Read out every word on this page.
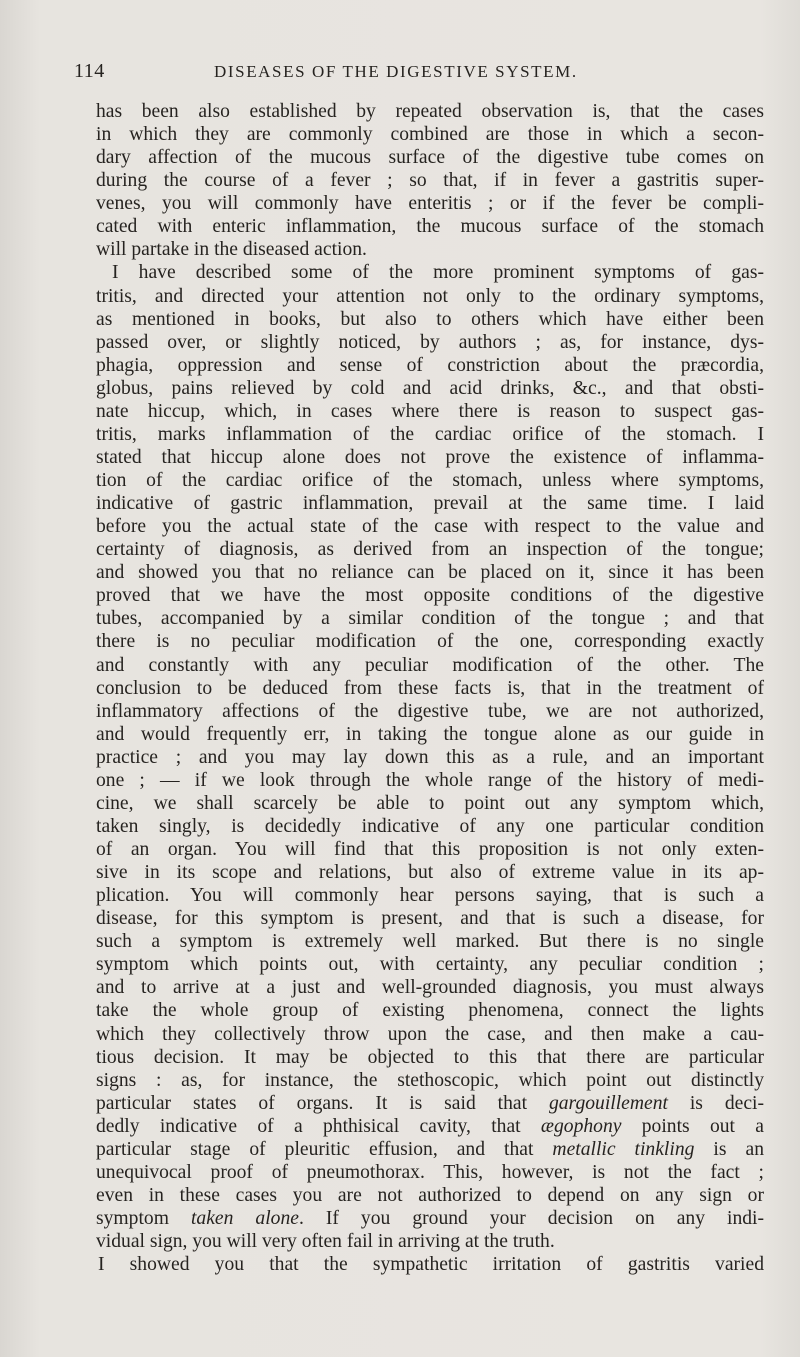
114	DISEASES OF THE DIGESTIVE SYSTEM.
has been also established by repeated observation is, that the cases
in which they are commonly combined are those in which a secon-
dary affection of the mucous surface of the digestive tube comes on
during the course of a fever ; so that, if in fever a gastritis super-
venes, you will commonly have enteritis ; or if the fever be compli-
cated with enteric inflammation, the mucous surface of the stomach
will partake in the diseased action.
I have described some of the more prominent symptoms of gas-
tritis, and directed your attention not only to the ordinary symptoms,
as mentioned in books, but also to others which have either been
passed over, or slightly noticed, by authors ; as, for instance, dys-
phagia, oppression and sense of constriction about the præcordia,
globus, pains relieved by cold and acid drinks, &c., and that obsti-
nate hiccup, which, in cases where there is reason to suspect gas-
tritis, marks inflammation of the cardiac orifice of the stomach. I
stated that hiccup alone does not prove the existence of inflamma-
tion of the cardiac orifice of the stomach, unless where symptoms,
indicative of gastric inflammation, prevail at the same time. I laid
before you the actual state of the case with respect to the value and
certainty of diagnosis, as derived from an inspection of the tongue;
and showed you that no reliance can be placed on it, since it has been
proved that we have the most opposite conditions of the digestive
tubes, accompanied by a similar condition of the tongue ; and that
there is no peculiar modification of the one, corresponding exactly
and constantly with any peculiar modification of the other. The
conclusion to be deduced from these facts is, that in the treatment of
inflammatory affections of the digestive tube, we are not authorized,
and would frequently err, in taking the tongue alone as our guide in
practice ; and you may lay down this as a rule, and an important
one ; — if we look through the whole range of the history of medi-
cine, we shall scarcely be able to point out any symptom which,
taken singly, is decidedly indicative of any one particular condition
of an organ. You will find that this proposition is not only exten-
sive in its scope and relations, but also of extreme value in its ap-
plication. You will commonly hear persons saying, that is such a
disease, for this symptom is present, and that is such a disease, for
such a symptom is extremely well marked. But there is no single
symptom which points out, with certainty, any peculiar condition ;
and to arrive at a just and well-grounded diagnosis, you must always
take the whole group of existing phenomena, connect the lights
which they collectively throw upon the case, and then make a cau-
tious decision. It may be objected to this that there are particular
signs : as, for instance, the stethoscopic, which point out distinctly
particular states of organs. It is said that gargouillement is deci-
dedly indicative of a phthisical cavity, that ægophony points out a
particular stage of pleuritic effusion, and that metallic tinkling is an
unequivocal proof of pneumothorax. This, however, is not the fact ;
even in these cases you are not authorized to depend on any sign or
symptom taken alone. If you ground your decision on any indi-
vidual sign, you will very often fail in arriving at the truth.
I showed you that the sympathetic irritation of gastritis varied
